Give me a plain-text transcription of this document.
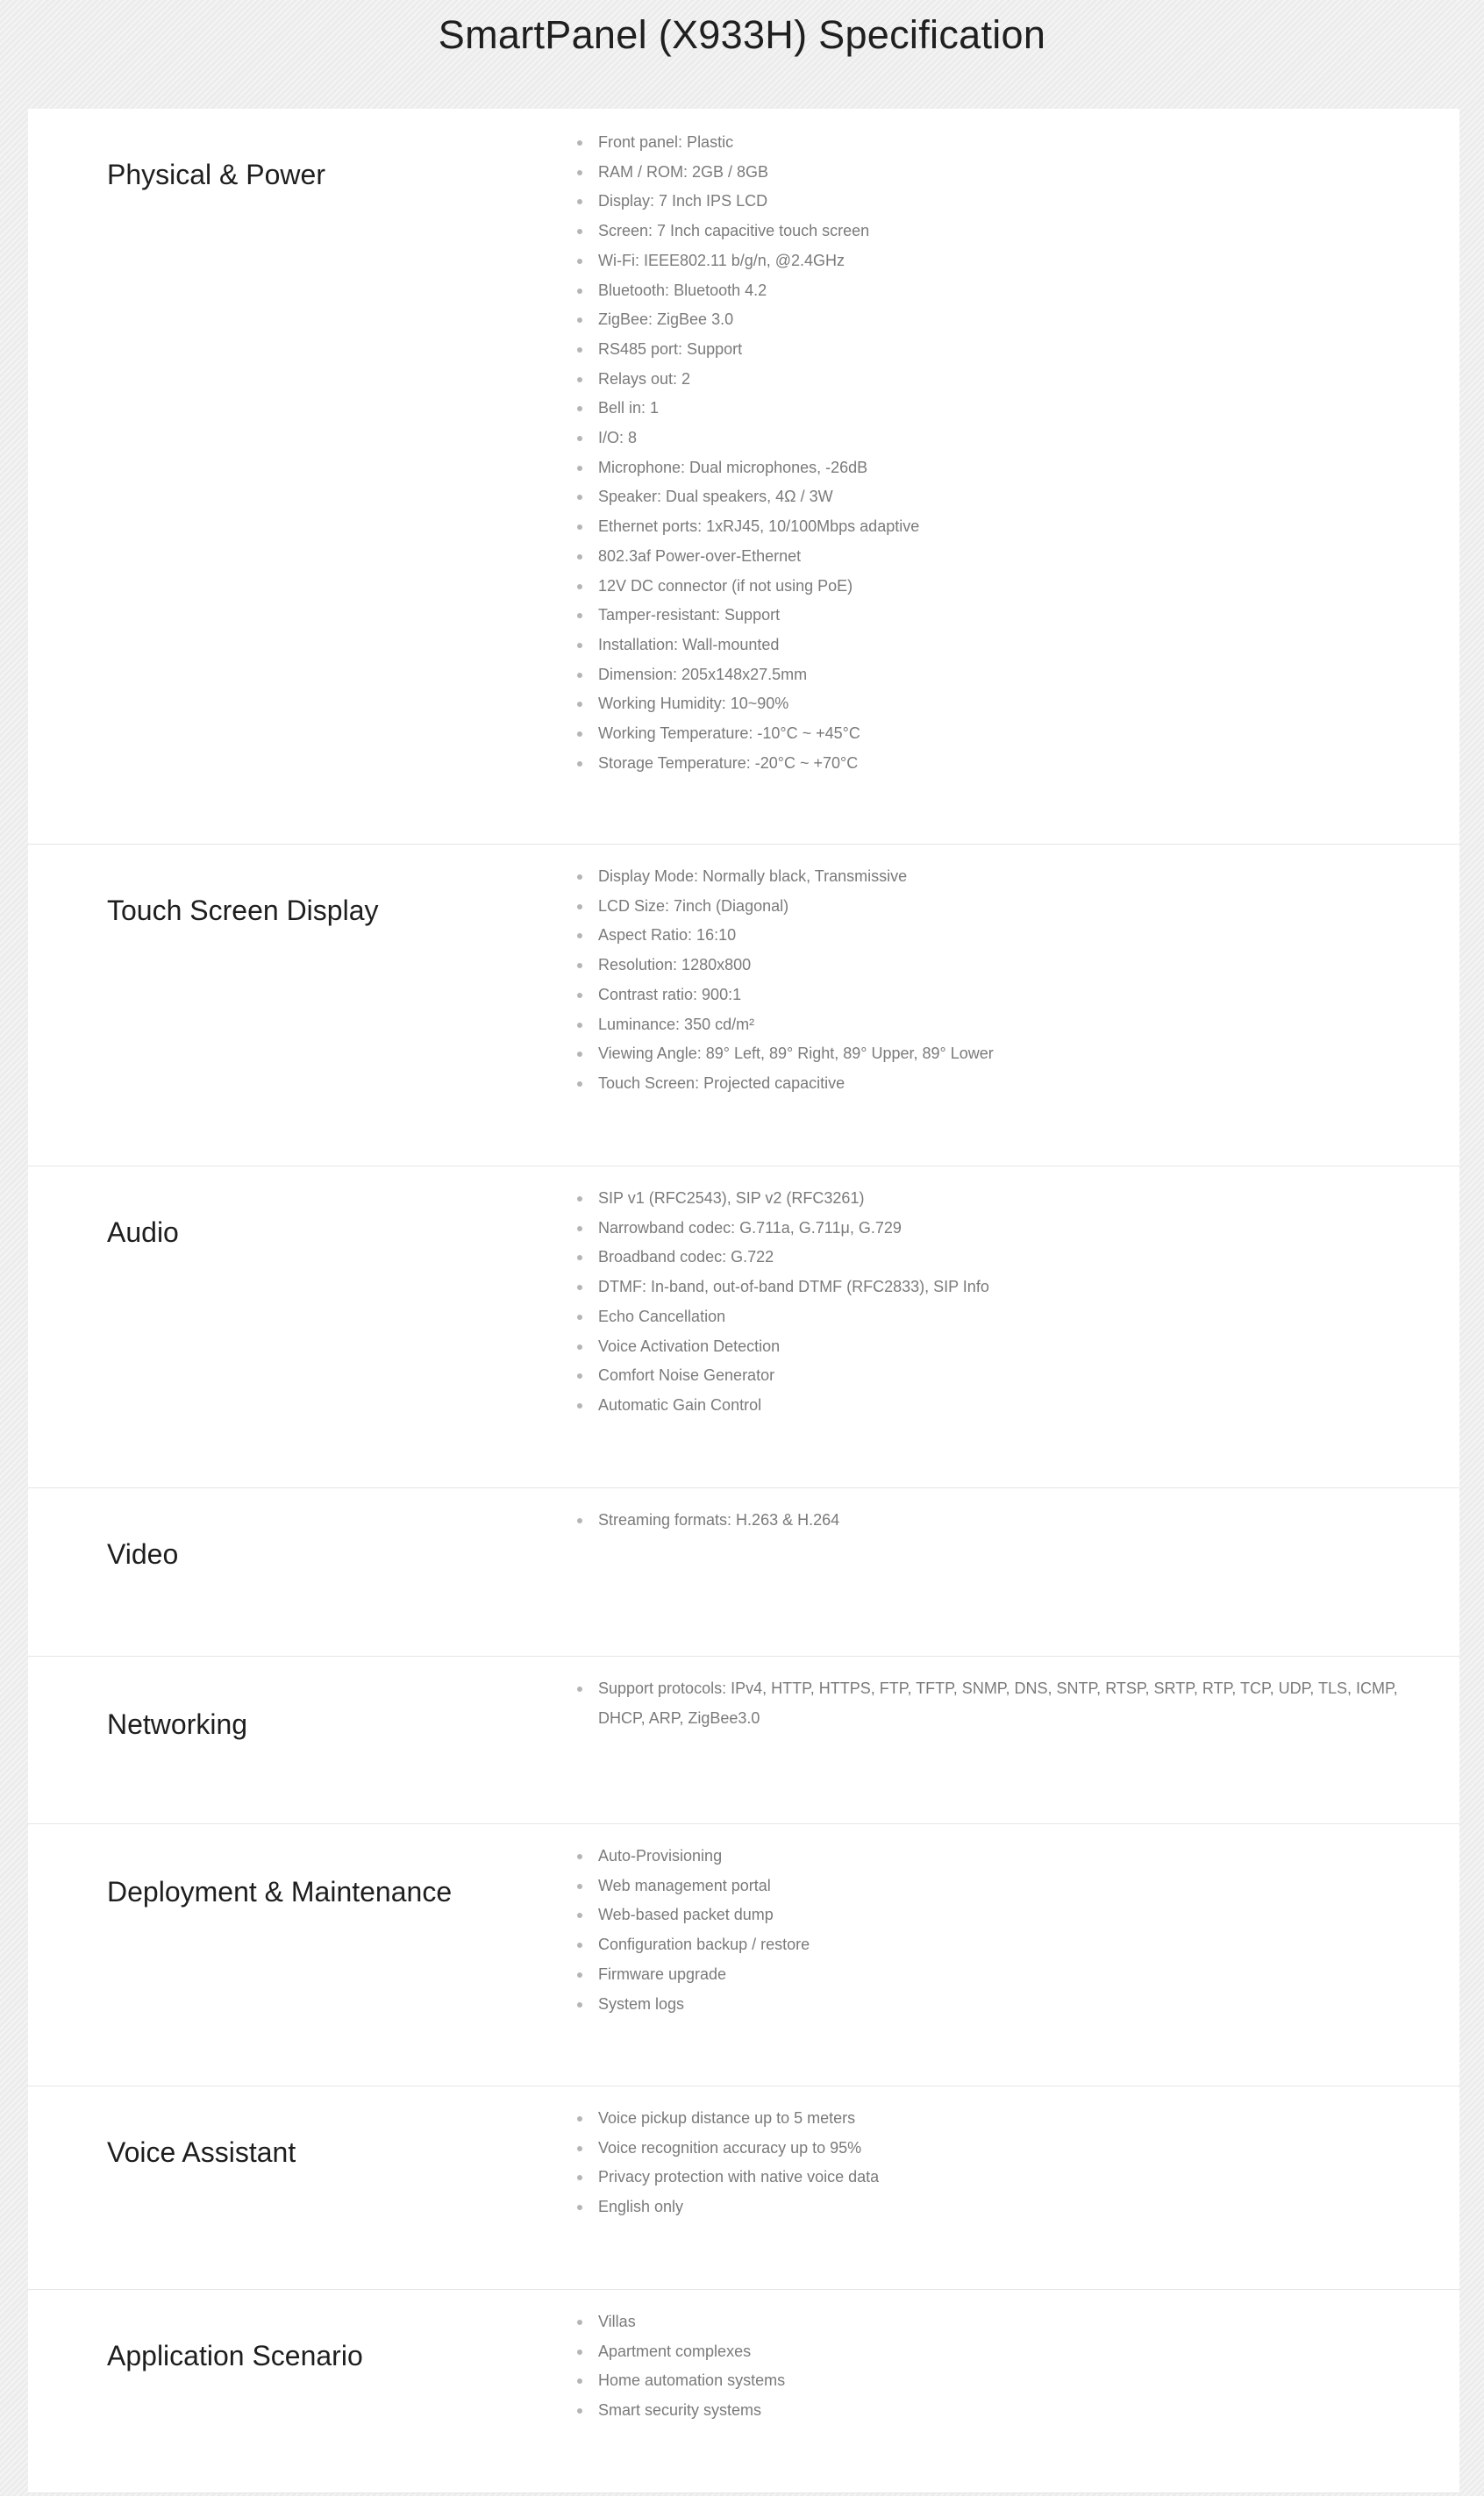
SmartPanel (X933H) Specification
Physical & Power
Front panel: Plastic
RAM / ROM: 2GB / 8GB
Display: 7 Inch IPS LCD
Screen: 7 Inch capacitive touch screen
Wi-Fi: IEEE802.11 b/g/n, @2.4GHz
Bluetooth: Bluetooth 4.2
ZigBee: ZigBee 3.0
RS485 port: Support
Relays out: 2
Bell in: 1
I/O: 8
Microphone: Dual microphones, -26dB
Speaker: Dual speakers, 4Ω / 3W
Ethernet ports: 1xRJ45, 10/100Mbps adaptive
802.3af Power-over-Ethernet
12V DC connector (if not using PoE)
Tamper-resistant: Support
Installation: Wall-mounted
Dimension: 205x148x27.5mm
Working Humidity: 10~90%
Working Temperature: -10°C ~ +45°C
Storage Temperature: -20°C ~ +70°C
Touch Screen Display
Display Mode: Normally black, Transmissive
LCD Size: 7inch (Diagonal)
Aspect Ratio: 16:10
Resolution: 1280x800
Contrast ratio: 900:1
Luminance: 350 cd/m²
Viewing Angle: 89° Left, 89° Right, 89° Upper, 89° Lower
Touch Screen: Projected capacitive
Audio
SIP v1 (RFC2543), SIP v2 (RFC3261)
Narrowband codec: G.711a, G.711μ, G.729
Broadband codec: G.722
DTMF: In-band, out-of-band DTMF (RFC2833), SIP Info
Echo Cancellation
Voice Activation Detection
Comfort Noise Generator
Automatic Gain Control
Video
Streaming formats: H.263 & H.264
Networking
Support protocols: IPv4, HTTP, HTTPS, FTP, TFTP, SNMP, DNS, SNTP, RTSP, SRTP, RTP, TCP, UDP, TLS, ICMP, DHCP, ARP, ZigBee3.0
Deployment & Maintenance
Auto-Provisioning
Web management portal
Web-based packet dump
Configuration backup / restore
Firmware upgrade
System logs
Voice Assistant
Voice pickup distance up to 5 meters
Voice recognition accuracy up to 95%
Privacy protection with native voice data
English only
Application Scenario
Villas
Apartment complexes
Home automation systems
Smart security systems
